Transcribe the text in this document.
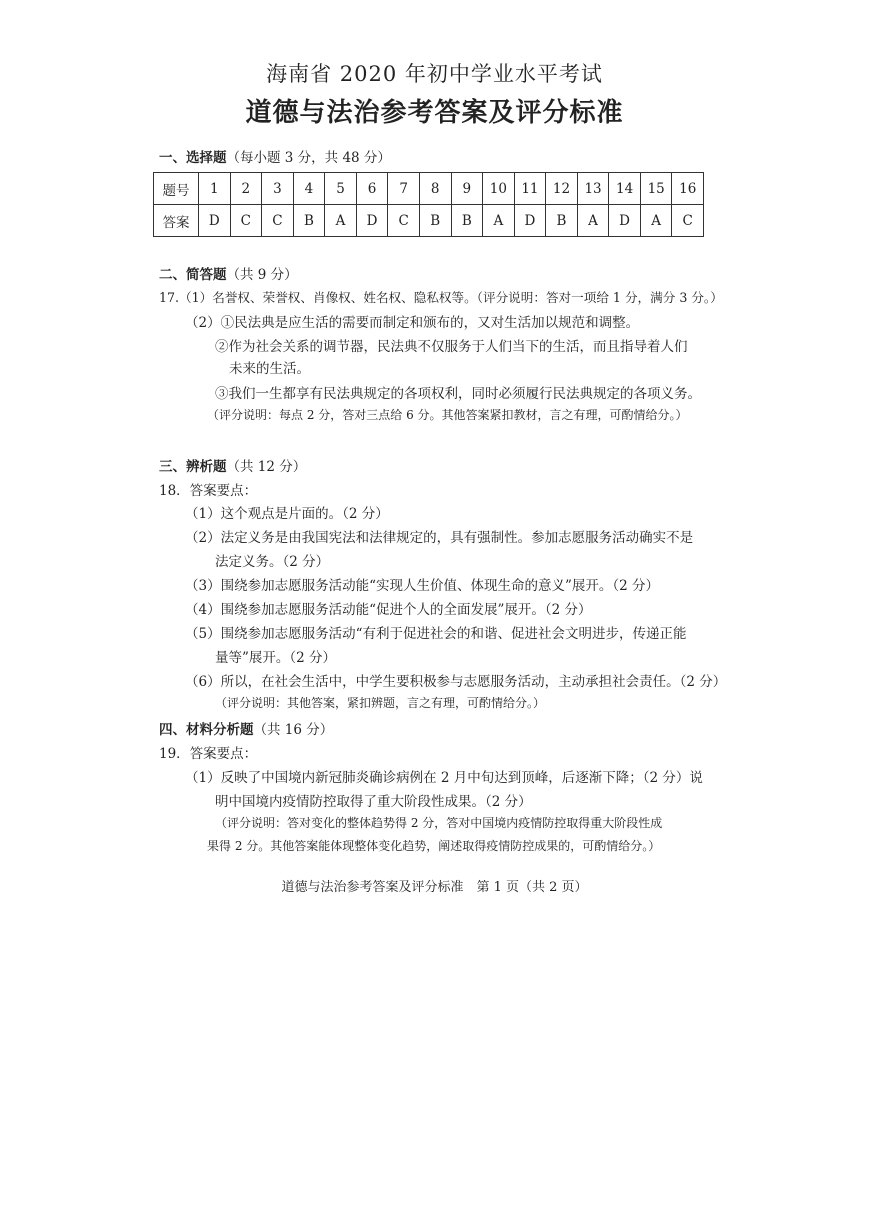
海南省 2020 年初中学业水平考试
道德与法治参考答案及评分标准
一、选择题（每小题 3 分，共 48 分）
题号	1	2	3	4	5	6	7	8	9	10	11	12	13	14	15	16
答案	D	C	C	B	A	D	C	B	B	A	D	B	A	D	A	C
二、简答题（共 9 分）
17.（1）名誉权、荣誉权、肖像权、姓名权、隐私权等。（评分说明：答对一项给 1 分，满分 3 分。）
（2）①民法典是应生活的需要而制定和颁布的，又对生活加以规范和调整。
②作为社会关系的调节器，民法典不仅服务于人们当下的生活，而且指导着人们
未来的生活。
③我们一生都享有民法典规定的各项权利，同时必须履行民法典规定的各项义务。
（评分说明：每点 2 分，答对三点给 6 分。其他答案紧扣教材，言之有理，可酌情给分。）
三、辨析题（共 12 分）
18．答案要点：
（1）这个观点是片面的。（2 分）
（2）法定义务是由我国宪法和法律规定的，具有强制性。参加志愿服务活动确实不是
法定义务。（2 分）
（3）围绕参加志愿服务活动能“实现人生价值、体现生命的意义”展开。（2 分）
（4）围绕参加志愿服务活动能“促进个人的全面发展”展开。（2 分）
（5）围绕参加志愿服务活动“有利于促进社会的和谐、促进社会文明进步，传递正能
量等”展开。（2 分）
（6）所以，在社会生活中，中学生要积极参与志愿服务活动，主动承担社会责任。（2 分）
（评分说明：其他答案，紧扣辨题，言之有理，可酌情给分。）
四、材料分析题（共 16 分）
19．答案要点：
（1）反映了中国境内新冠肺炎确诊病例在 2 月中旬达到顶峰，后逐渐下降；（2 分）说
明中国境内疫情防控取得了重大阶段性成果。（2 分）
（评分说明：答对变化的整体趋势得 2 分，答对中国境内疫情防控取得重大阶段性成
果得 2 分。其他答案能体现整体变化趋势，阐述取得疫情防控成果的，可酌情给分。）
道德与法治参考答案及评分标准　第 1 页（共 2 页）
